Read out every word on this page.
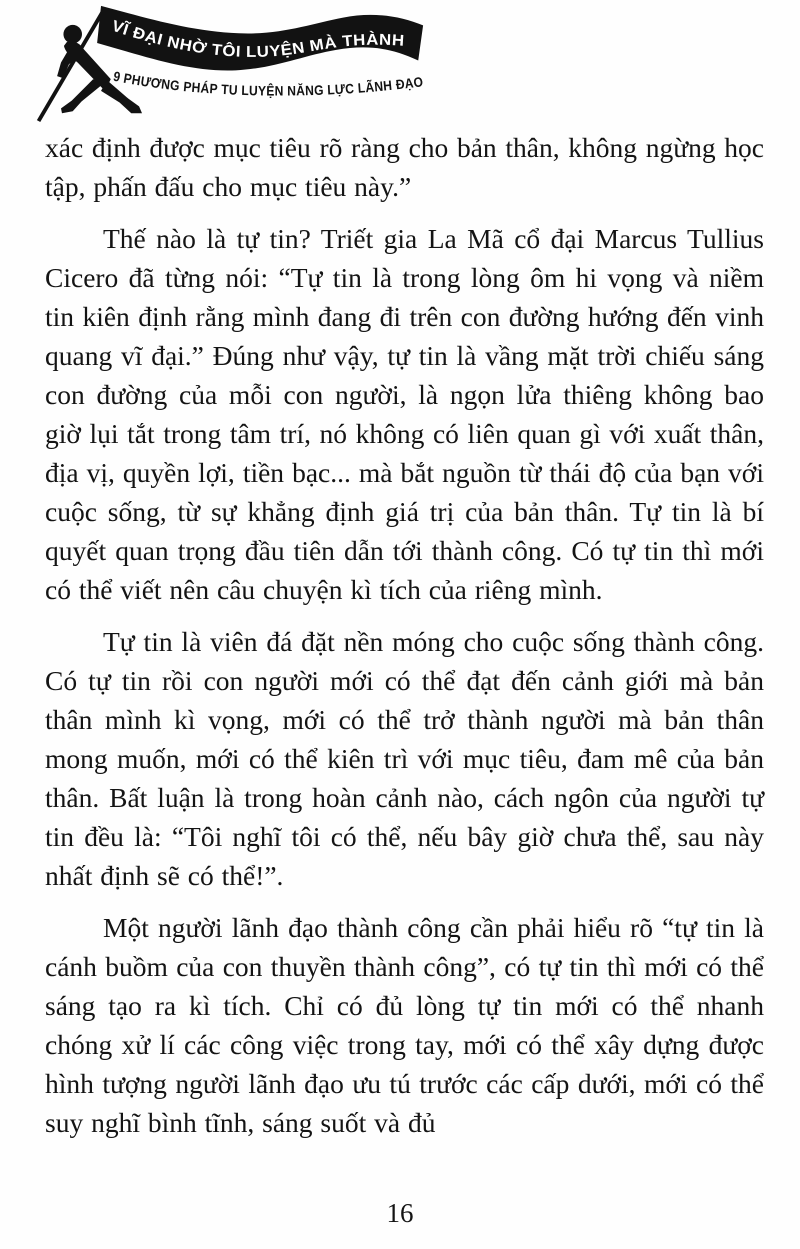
VĨ ĐẠI NHỜ TÔI LUYỆN MÀ THÀNH
9 PHƯƠNG PHÁP TU LUYỆN NĂNG LỰC LÃNH ĐẠO

xác định được mục tiêu rõ ràng cho bản thân, không ngừng học tập, phấn đấu cho mục tiêu này.”

Thế nào là tự tin? Triết gia La Mã cổ đại Marcus Tullius Cicero đã từng nói: “Tự tin là trong lòng ôm hi vọng và niềm tin kiên định rằng mình đang đi trên con đường hướng đến vinh quang vĩ đại.” Đúng như vậy, tự tin là vầng mặt trời chiếu sáng con đường của mỗi con người, là ngọn lửa thiêng không bao giờ lụi tắt trong tâm trí, nó không có liên quan gì với xuất thân, địa vị, quyền lợi, tiền bạc... mà bắt nguồn từ thái độ của bạn với cuộc sống, từ sự khẳng định giá trị của bản thân. Tự tin là bí quyết quan trọng đầu tiên dẫn tới thành công. Có tự tin thì mới có thể viết nên câu chuyện kì tích của riêng mình.

Tự tin là viên đá đặt nền móng cho cuộc sống thành công. Có tự tin rồi con người mới có thể đạt đến cảnh giới mà bản thân mình kì vọng, mới có thể trở thành người mà bản thân mong muốn, mới có thể kiên trì với mục tiêu, đam mê của bản thân. Bất luận là trong hoàn cảnh nào, cách ngôn của người tự tin đều là: “Tôi nghĩ tôi có thể, nếu bây giờ chưa thể, sau này nhất định sẽ có thể!”.

Một người lãnh đạo thành công cần phải hiểu rõ “tự tin là cánh buồm của con thuyền thành công”, có tự tin thì mới có thể sáng tạo ra kì tích. Chỉ có đủ lòng tự tin mới có thể nhanh chóng xử lí các công việc trong tay, mới có thể xây dựng được hình tượng người lãnh đạo ưu tú trước các cấp dưới, mới có thể suy nghĩ bình tĩnh, sáng suốt và đủ

16
